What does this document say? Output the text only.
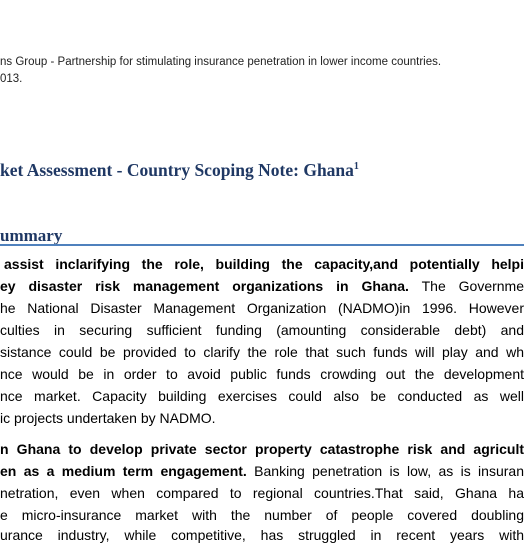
ns Group - Partnership for stimulating insurance penetration in lower income countries.
013.
ket Assessment - Country Scoping Note: Ghana$^1$
ummary
assist inclarifying the role, building the capacity,and potentially helpi
ey disaster risk management organizations in Ghana. The Governme
he National Disaster Management Organization (NADMO)in 1996. However
culties in securing sufficient funding (amounting considerable debt) and
sistance could be provided to clarify the role that such funds will play and wh
nce would be in order to avoid public funds crowding out the development
nce market. Capacity building exercises could also be conducted as well
ic projects undertaken by NADMO.
n Ghana to develop private sector property catastrophe risk and agricult
en as a medium term engagement. Banking penetration is low, as is insuran
netration, even when compared to regional countries.That said, Ghana ha
e micro-insurance market with the number of people covered doubling
urance industry, while competitive, has struggled in recent years with
